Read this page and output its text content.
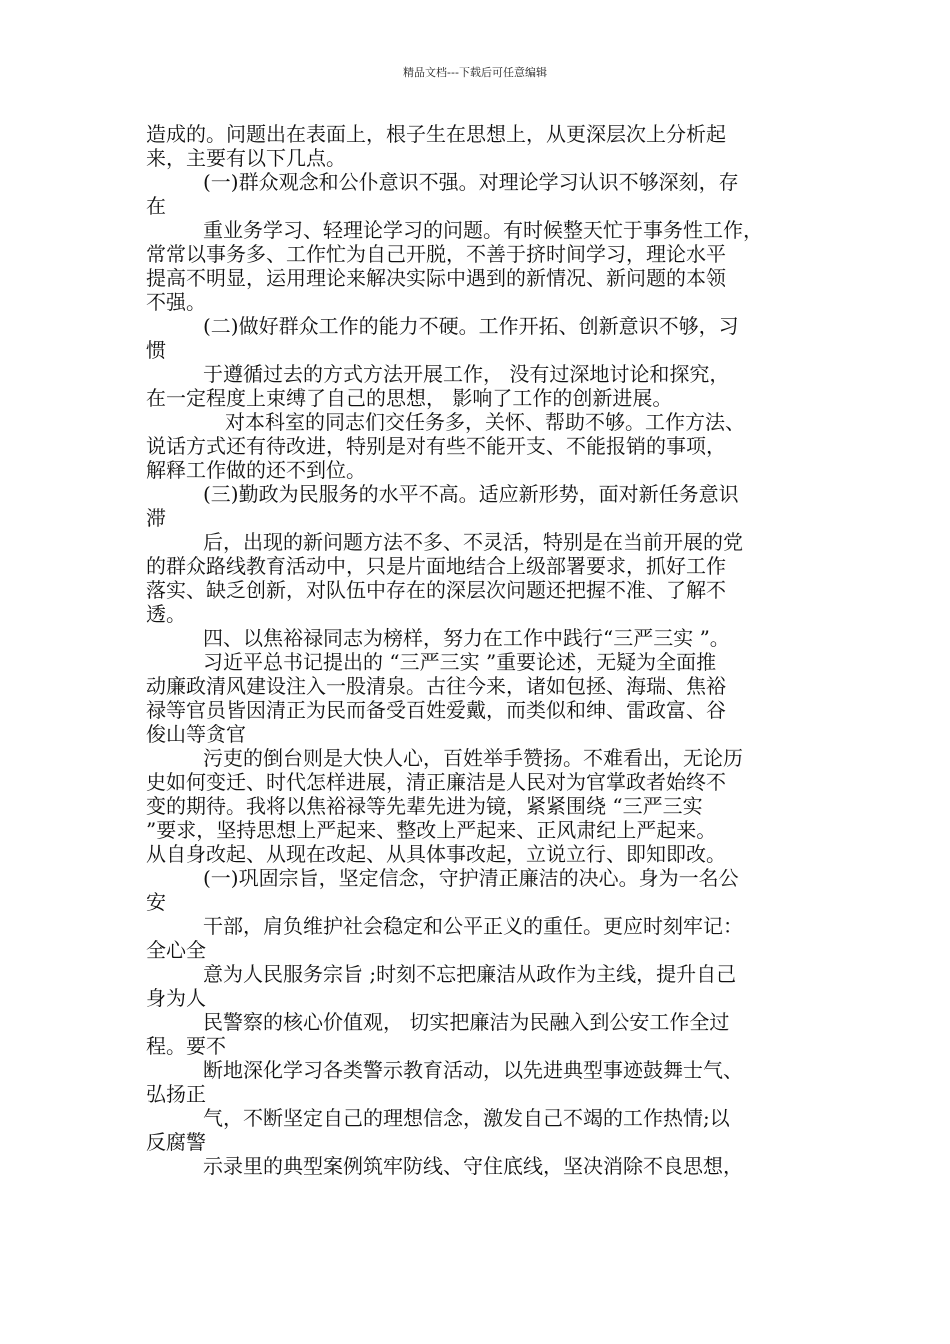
精品文档---下载后可任意编辑
造成的。问题出在表面上，根子生在思想上，从更深层次上分析起
来，主要有以下几点。
(一)群众观念和公仆意识不强。对理论学习认识不够深刻，存
在
重业务学习、轻理论学习的问题。有时候整天忙于事务性工作，
常常以事务多、工作忙为自己开脱，不善于挤时间学习，理论水平
提高不明显，运用理论来解决实际中遇到的新情况、新问题的本领
不强。
(二)做好群众工作的能力不硬。工作开拓、创新意识不够，习
惯
于遵循过去的方式方法开展工作， 没有过深地讨论和探究，
在一定程度上束缚了自己的思想， 影响了工作的创新进展。
对本科室的同志们交任务多，关怀、帮助不够。工作方法、
说话方式还有待改进，特别是对有些不能开支、不能报销的事项，
解释工作做的还不到位。
(三)勤政为民服务的水平不高。适应新形势，面对新任务意识
滞
后，出现的新问题方法不多、不灵活，特别是在当前开展的党
的群众路线教育活动中，只是片面地结合上级部署要求，抓好工作
落实、缺乏创新，对队伍中存在的深层次问题还把握不准、了解不
透。
四、以焦裕禄同志为榜样，努力在工作中践行“三严三实 ”。
习近平总书记提出的 “三严三实 ”重要论述，无疑为全面推
动廉政清风建设注入一股清泉。古往今来，诸如包拯、海瑞、焦裕
禄等官员皆因清正为民而备受百姓爱戴，而类似和绅、雷政富、谷
俊山等贪官
污吏的倒台则是大快人心，百姓举手赞扬。不难看出，无论历
史如何变迁、时代怎样进展，清正廉洁是人民对为官掌政者始终不
变的期待。我将以焦裕禄等先辈先进为镜，紧紧围绕 “三严三实
”要求，坚持思想上严起来、整改上严起来、正风肃纪上严起来。
从自身改起、从现在改起、从具体事改起，立说立行、即知即改。
(一)巩固宗旨，坚定信念，守护清正廉洁的决心。身为一名公
安
干部，肩负维护社会稳定和公平正义的重任。更应时刻牢记：
全心全
意为人民服务宗旨 ;时刻不忘把廉洁从政作为主线，提升自己
身为人
民警察的核心价值观， 切实把廉洁为民融入到公安工作全过
程。要不
断地深化学习各类警示教育活动，以先进典型事迹鼓舞士气、
弘扬正
气，不断坚定自己的理想信念，激发自己不竭的工作热情;以
反腐警
示录里的典型案例筑牢防线、守住底线，坚决消除不良思想，
